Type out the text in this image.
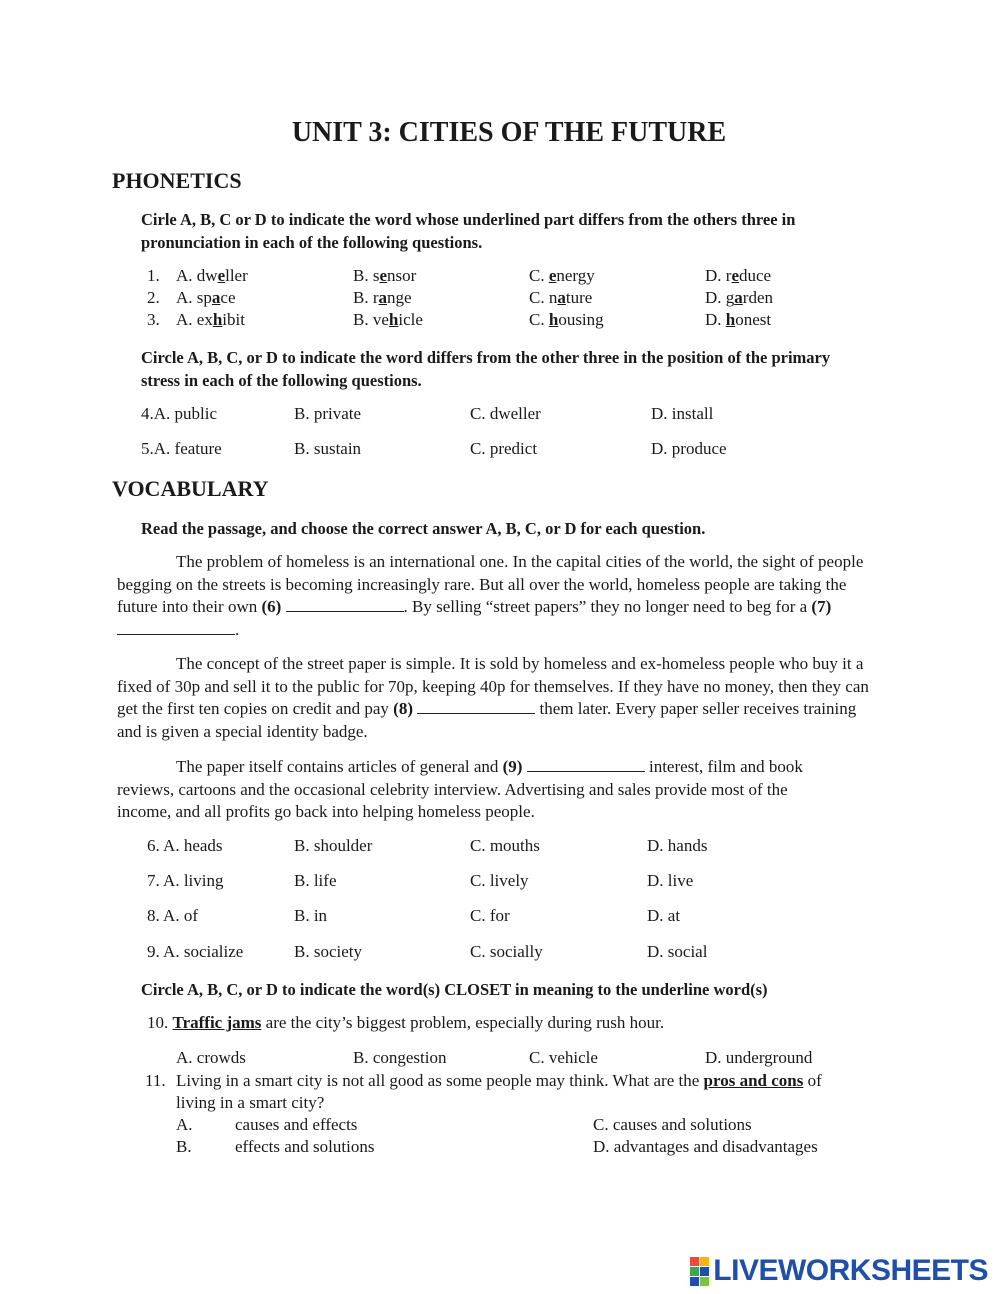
UNIT 3: CITIES OF THE FUTURE
PHONETICS
Cirle A, B, C or D to indicate the word whose underlined part differs from the others three in pronunciation in each of the following questions.
1. A. dweller	B. sensor	C. energy	D. reduce
2. A. space	B. range	C. nature	D. garden
3. A. exhibit	B. vehicle	C. housing	D. honest
Circle A, B, C, or D to indicate the word differs from the other three in the position of the primary stress in each of the following questions.
4.A. public	B. private	C. dweller	D. install
5.A. feature	B. sustain	C. predict	D. produce
VOCABULARY
Read the passage, and choose the correct answer A, B, C, or D for each question.
The problem of homeless is an international one. In the capital cities of the world, the sight of people begging on the streets is becoming increasingly rare. But all over the world, homeless people are taking the future into their own (6)	. By selling “street papers” they no longer need to beg for a (7) .
The concept of the street paper is simple. It is sold by homeless and ex-homeless people who buy it a fixed of 30p and sell it to the public for 70p, keeping 40p for themselves. If they have no money, then they can get the first ten copies on credit and pay (8)	them later. Every paper seller receives training and is given a special identity badge.
The paper itself contains articles of general and (9)	interest, film and book reviews, cartoons and the occasional celebrity interview. Advertising and sales provide most of the income, and all profits go back into helping homeless people.
6. A. heads	B. shoulder	C. mouths	D. hands
7. A. living	B. life	C. lively	D. live
8. A. of	B. in	C. for	D. at
9. A. socialize	B. society	C. socially	D. social
Circle A, B, C, or D to indicate the word(s) CLOSET in meaning to the underline word(s)
10. Traffic jams are the city’s biggest problem, especially during rush hour.
A. crowds	B. congestion	C. vehicle	D. underground
11. Living in a smart city is not all good as some people may think. What are the pros and cons of
living in a smart city?
A. causes and effects	C. causes and solutions
B.	effects and solutions	D. advantages and disadvantages
LIVEWORKSHEETS
